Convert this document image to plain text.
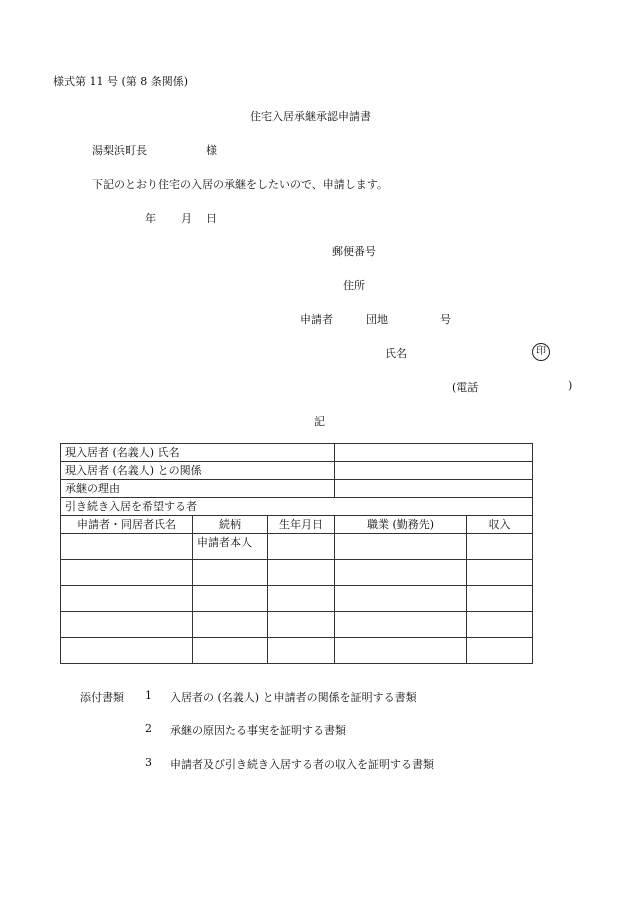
様式第 11 号 (第 8 条関係)
住宅入居承継承認申請書
湯梨浜町長	様
下記のとおり住宅の入居の承継をしたいので、申請します。
年 月 日
郵便番号
住所
申請者	団地	号
氏名	印
(電話	)
記
現入居者 (名義人) 氏名				
現入居者 (名義人) との関係				
承継の理由				
引き続き入居を希望する者				
申請者・同居者氏名	続柄	生年月日	職業 (勤務先)	収入
	申請者本人			

添付書類 1 入居者の (名義人) と申請者の関係を証明する書類
2 承継の原因たる事実を証明する書類
3 申請者及び引き続き入居する者の収入を証明する書類
